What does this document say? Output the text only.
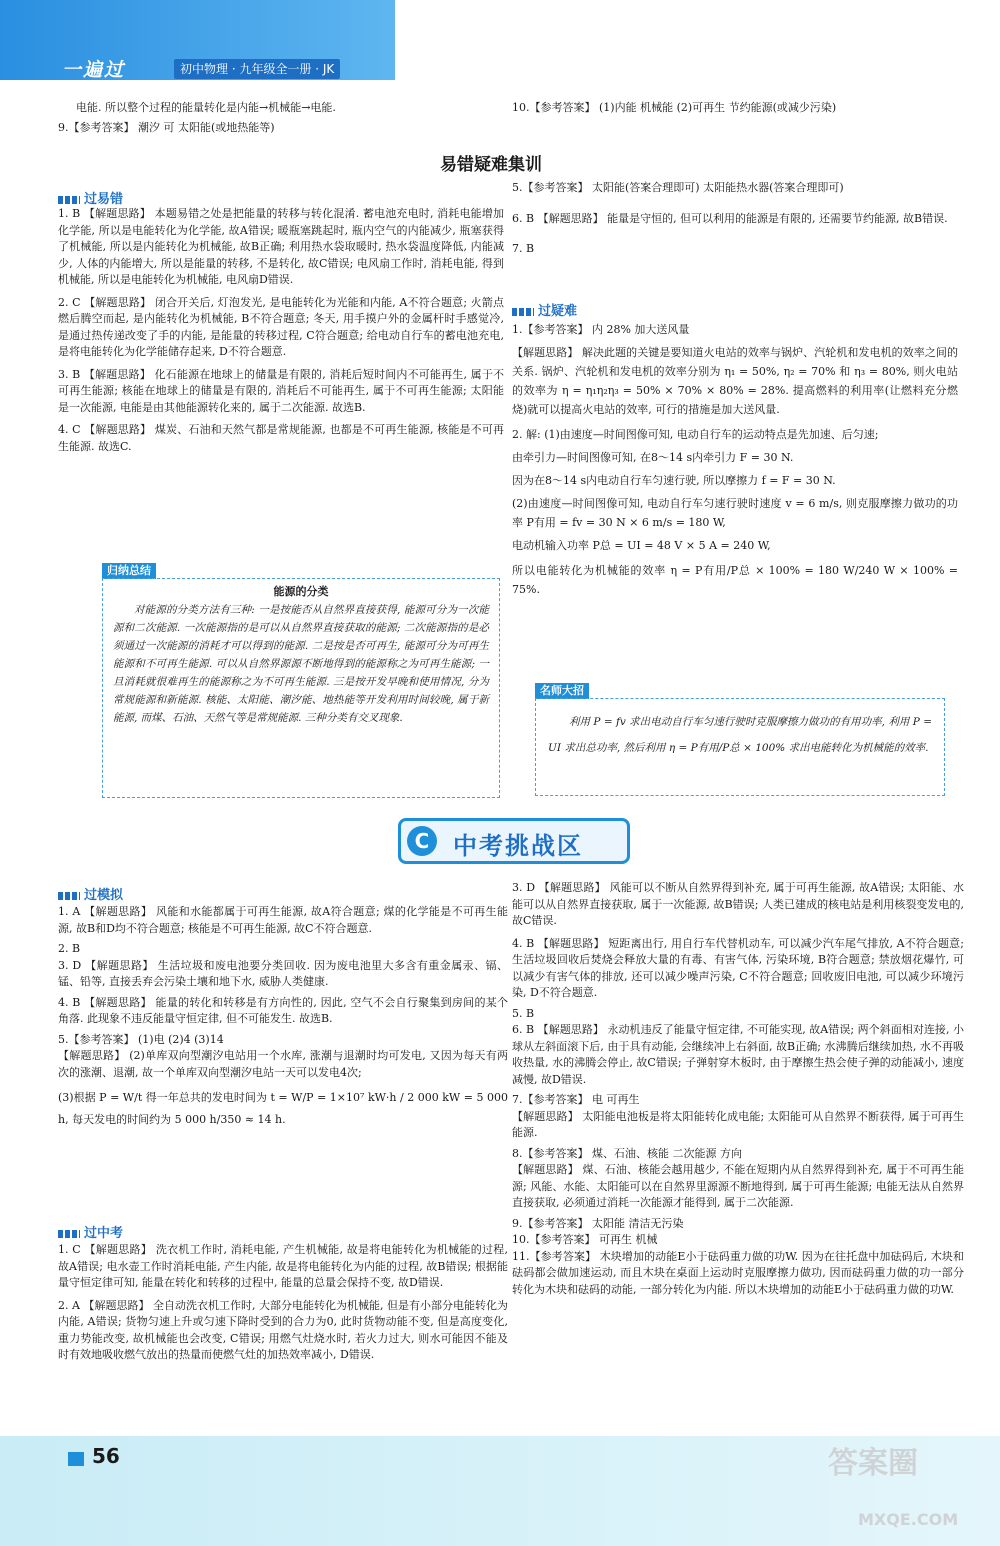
一遍过	初中物理 · 九年级全一册 · JK
电能. 所以整个过程的能量转化是内能→机械能→电能.
9.【参考答案】 潮汐 可 太阳能(或地热能等)
10.【参考答案】 (1)内能 机械能 (2)可再生 节约能源(或减少污染)
易错疑难集训
过易错
1. B 【解题思路】 本题易错之处是把能量的转移与转化混淆. 蓄电池充电时, 消耗电能增加化学能, 所以是电能转化为化学能, 故A错误; 暖瓶塞跳起时, 瓶内空气的内能减少, 瓶塞获得了机械能, 所以是内能转化为机械能, 故B正确; 利用热水袋取暖时, 热水袋温度降低, 内能减少, 人体的内能增大, 所以是能量的转移, 不是转化, 故C错误; 电风扇工作时, 消耗电能, 得到机械能, 所以是电能转化为机械能, 电风扇D错误.
2. C 【解题思路】 闭合开关后, 灯泡发光, 是电能转化为光能和内能, A不符合题意; 火箭点燃后腾空而起, 是内能转化为机械能, B不符合题意; 冬天, 用手摸户外的金属杆时手感觉冷, 是通过热传递改变了手的内能, 是能量的转移过程, C符合题意; 给电动自行车的蓄电池充电, 是将电能转化为化学能储存起来, D不符合题意.
3. B 【解题思路】 化石能源在地球上的储量是有限的, 消耗后短时间内不可能再生, 属于不可再生能源; 核能在地球上的储量是有限的, 消耗后不可能再生, 属于不可再生能源; 太阳能是一次能源, 电能是由其他能源转化来的, 属于二次能源. 故选B.
4. C 【解题思路】 煤炭、石油和天然气都是常规能源, 也都是不可再生能源, 核能是不可再生能源. 故选C.
归纳总结
能源的分类
对能源的分类方法有三种: 一是按能否从自然界直接获得, 能源可分为一次能源和二次能源. 一次能源指的是可以从自然界直接获取的能源; 二次能源指的是必须通过一次能源的消耗才可以得到的能源. 二是按是否可再生, 能源可分为可再生能源和不可再生能源. 可以从自然界源源不断地得到的能源称之为可再生能源; 一旦消耗就很难再生的能源称之为不可再生能源. 三是按开发早晚和使用情况, 分为常规能源和新能源. 核能、太阳能、潮汐能、地热能等开发利用时间较晚, 属于新能源, 而煤、石油、天然气等是常规能源. 三种分类有交叉现象.
5.【参考答案】 太阳能(答案合理即可) 太阳能热水器(答案合理即可)
6. B 【解题思路】 能量是守恒的, 但可以利用的能源是有限的, 还需要节约能源, 故B错误.
7. B
过疑难
1.【参考答案】 内 28% 加大送风量
【解题思路】 解决此题的关键是要知道火电站的效率与锅炉、汽轮机和发电机的效率之间的关系. 锅炉、汽轮机和发电机的效率分别为 η₁ = 50%, η₂ = 70% 和 η₃ = 80%, 则火电站的效率为 η = η₁η₂η₃ = 50% × 70% × 80% = 28%. 提高燃料的利用率(让燃料充分燃烧)就可以提高火电站的效率, 可行的措施是加大送风量.
2. 解: (1)由速度—时间图像可知, 电动自行车的运动特点是先加速、后匀速;
由牵引力—时间图像可知, 在8～14 s内牵引力 F = 30 N.
因为在8～14 s内电动自行车匀速行驶, 所以摩擦力 f = F = 30 N.
(2)由速度—时间图像可知, 电动自行车匀速行驶时速度 v = 6 m/s, 则克服摩擦力做功的功率 P有用 = fv = 30 N × 6 m/s = 180 W,
电动机输入功率 P总 = UI = 48 V × 5 A = 240 W,
所以电能转化为机械能的效率 η = P有用/P总 × 100% = 180 W/240 W × 100% = 75%.
名师大招
利用 P = fv 求出电动自行车匀速行驶时克服摩擦力做功的有用功率, 利用 P = UI 求出总功率, 然后利用 η = P有用/P总 × 100% 求出电能转化为机械能的效率.
C 中考挑战区
过模拟
1. A 【解题思路】 风能和水能都属于可再生能源, 故A符合题意; 煤的化学能是不可再生能源, 故B和D均不符合题意; 核能是不可再生能源, 故C不符合题意.
2. B
3. D 【解题思路】 生活垃圾和废电池要分类回收. 因为废电池里大多含有重金属汞、镉、锰、铅等, 直接丢弃会污染土壤和地下水, 威胁人类健康.
4. B 【解题思路】 能量的转化和转移是有方向性的, 因此, 空气不会自行聚集到房间的某个角落. 此现象不违反能量守恒定律, 但不可能发生. 故选B.
5.【参考答案】 (1)电 (2)4 (3)14
【解题思路】 (2)单库双向型潮汐电站用一个水库, 涨潮与退潮时均可发电, 又因为每天有两次的涨潮、退潮, 故一个单库双向型潮汐电站一天可以发电4次;
(3)根据 P = W/t 得一年总共的发电时间为 t = W/P = 1×10⁷ kW·h / 2 000 kW = 5 000 h, 每天发电的时间约为 5 000 h/350 ≈ 14 h.
过中考
1. C 【解题思路】 洗衣机工作时, 消耗电能, 产生机械能, 故是将电能转化为机械能的过程, 故A错误; 电水壶工作时消耗电能, 产生内能, 故是将电能转化为内能的过程, 故B错误; 根据能量守恒定律可知, 能量在转化和转移的过程中, 能量的总量会保持不变, 故D错误.
2. A 【解题思路】 全自动洗衣机工作时, 大部分电能转化为机械能, 但是有小部分电能转化为内能, A错误; 货物匀速上升或匀速下降时受到的合力为0, 此时货物动能不变, 但是高度变化, 重力势能改变, 故机械能也会改变, C错误; 用燃气灶烧水时, 若火力过大, 则水可能因不能及时有效地吸收燃气放出的热量而使燃气灶的加热效率减小, D错误.
3. D 【解题思路】 风能可以不断从自然界得到补充, 属于可再生能源, 故A错误; 太阳能、水能可以从自然界直接获取, 属于一次能源, 故B错误; 人类已建成的核电站是利用核裂变发电的, 故C错误.
4. B 【解题思路】 短距离出行, 用自行车代替机动车, 可以减少汽车尾气排放, A不符合题意; 生活垃圾回收后焚烧会释放大量的有毒、有害气体, 污染环境, B符合题意; 禁放烟花爆竹, 可以减少有害气体的排放, 还可以减少噪声污染, C不符合题意; 回收废旧电池, 可以减少环境污染, D不符合题意.
5. B
6. B 【解题思路】 永动机违反了能量守恒定律, 不可能实现, 故A错误; 两个斜面相对连接, 小球从左斜面滚下后, 由于具有动能, 会继续冲上右斜面, 故B正确; 水沸腾后继续加热, 水不再吸收热量, 水的沸腾会停止, 故C错误; 子弹射穿木板时, 由于摩擦生热会使子弹的动能减小, 速度减慢, 故D错误.
7.【参考答案】 电 可再生
【解题思路】 太阳能电池板是将太阳能转化成电能; 太阳能可从自然界不断获得, 属于可再生能源.
8.【参考答案】 煤、石油、核能 二次能源 方向
【解题思路】 煤、石油、核能会越用越少, 不能在短期内从自然界得到补充, 属于不可再生能源; 风能、水能、太阳能可以在自然界里源源不断地得到, 属于可再生能源; 电能无法从自然界直接获取, 必须通过消耗一次能源才能得到, 属于二次能源.
9.【参考答案】 太阳能 清洁无污染
10.【参考答案】 可再生 机械
11.【参考答案】 木块增加的动能E小于砝码重力做的功W. 因为在往托盘中加砝码后, 木块和砝码都会做加速运动, 而且木块在桌面上运动时克服摩擦力做功, 因而砝码重力做的功一部分转化为木块和砝码的动能, 一部分转化为内能. 所以木块增加的动能E小于砝码重力做的功W.
56	答案圈
MXQE.COM
